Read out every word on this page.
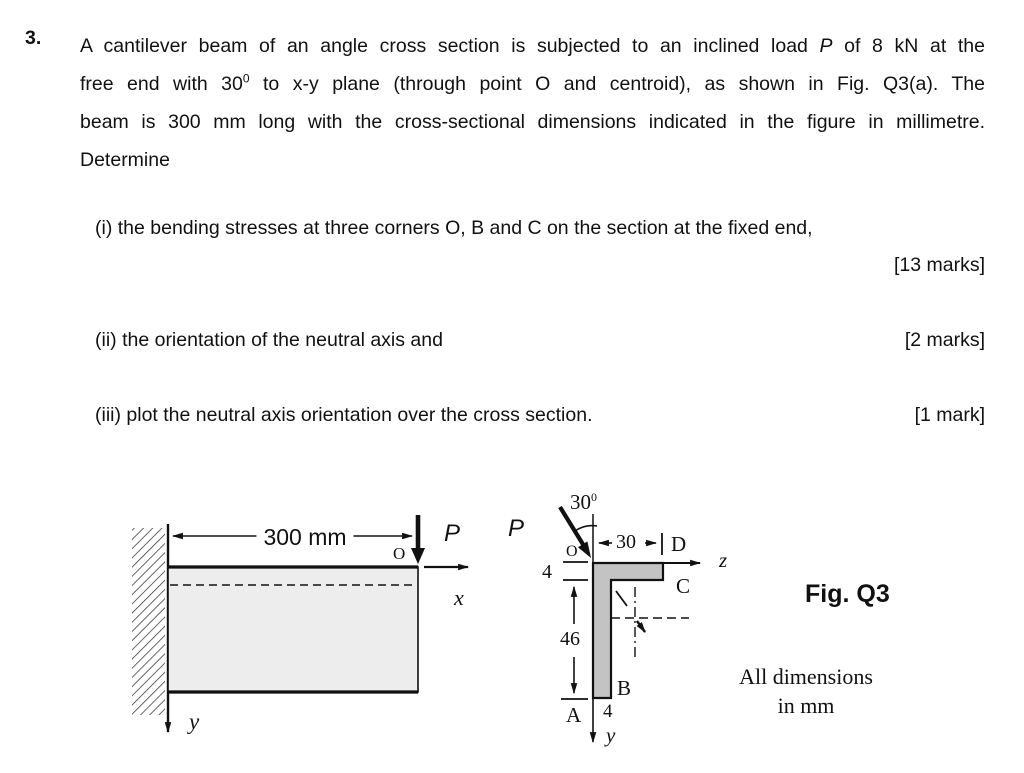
3. A cantilever beam of an angle cross section is subjected to an inclined load P of 8 kN at the
free end with $30^0$ to x-y plane (through point O and centroid), as shown in Fig. Q3(a). The
beam is 300 mm long with the cross-sectional dimensions indicated in the figure in millimetre.
Determine
(i) the bending stresses at three corners O, B and C on the section at the fixed end,
[13 marks]
(ii) the orientation of the neutral axis and	[2 marks]
(iii) plot the neutral axis orientation over the cross section.	[1 mark]
300 mm
O
P
x
y
$30^0$
P
O 30 D
z
4
C
46
B
A 4
y
Fig. Q3
All dimensions
in mm
